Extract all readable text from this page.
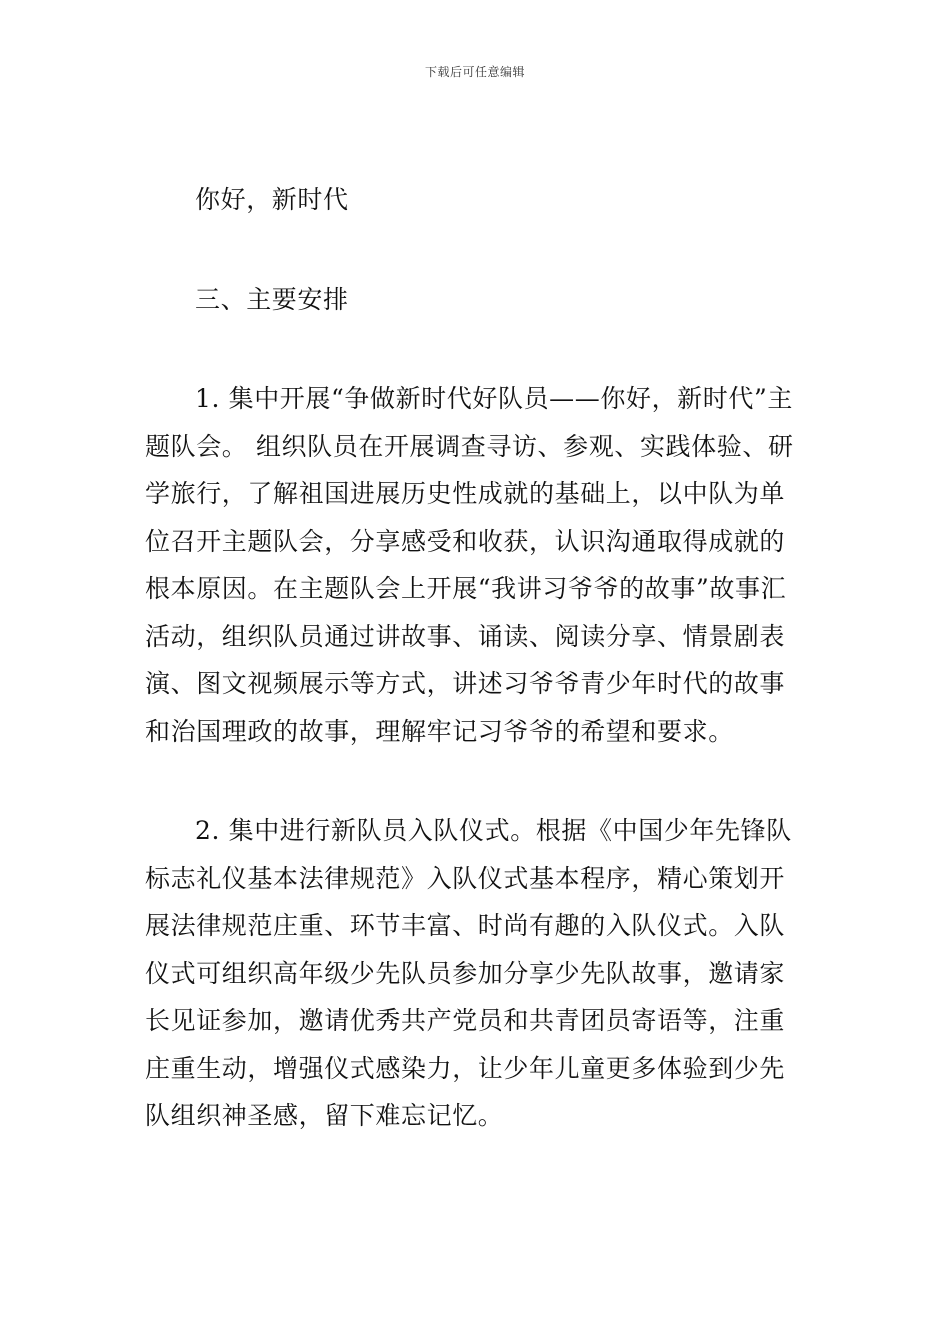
下载后可任意编辑

你好，新时代

三、主要安排

1. 集中开展“争做新时代好队员——你好，新时代”主题队会。 组织队员在开展调查寻访、参观、实践体验、研学旅行，了解祖国进展历史性成就的基础上，以中队为单位召开主题队会，分享感受和收获，认识沟通取得成就的根本原因。在主题队会上开展“我讲习爷爷的故事”故事汇活动，组织队员通过讲故事、诵读、阅读分享、情景剧表演、图文视频展示等方式，讲述习爷爷青少年时代的故事和治国理政的故事，理解牢记习爷爷的希望和要求。

2. 集中进行新队员入队仪式。根据《中国少年先锋队标志礼仪基本法律规范》入队仪式基本程序，精心策划开展法律规范庄重、环节丰富、时尚有趣的入队仪式。入队仪式可组织高年级少先队员参加分享少先队故事，邀请家长见证参加，邀请优秀共产党员和共青团员寄语等，注重庄重生动，增强仪式感染力，让少年儿童更多体验到少先队组织神圣感，留下难忘记忆。
